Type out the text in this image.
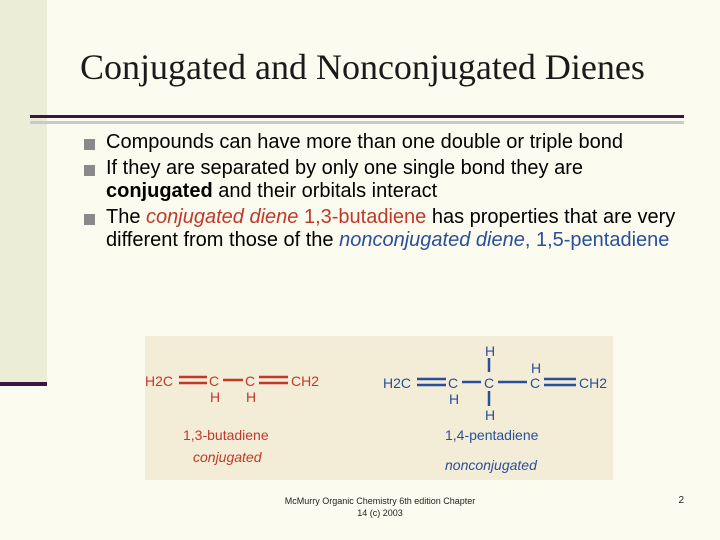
Conjugated and Nonconjugated Dienes
Compounds can have more than one double or triple bond
If they are separated by only one single bond they are conjugated and their orbitals interact
The conjugated diene 1,3-butadiene has properties that are very different from those of the nonconjugated diene, 1,5-pentadiene
H2C	C C	CH2
H H
1,3-butadiene
conjugated
H2C	C C	C	CH2
H
H
H
H
1,4-pentadiene
nonconjugated
McMurry Organic Chemistry 6th edition Chapter
14 (c) 2003
2
